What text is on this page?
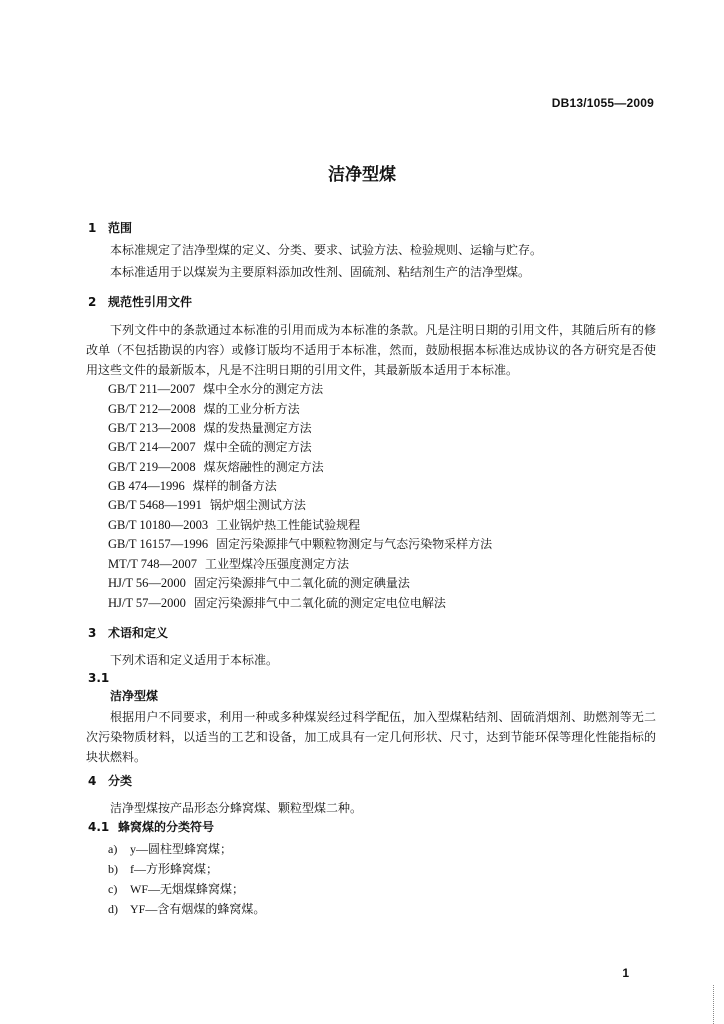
DB13/1055—2009
洁净型煤
1 范围
本标准规定了洁净型煤的定义、分类、要求、试验方法、检验规则、运输与贮存。
本标准适用于以煤炭为主要原料添加改性剂、固硫剂、粘结剂生产的洁净型煤。
2 规范性引用文件
下列文件中的条款通过本标准的引用而成为本标准的条款。凡是注明日期的引用文件，其随后所有的修改单（不包括勘误的内容）或修订版均不适用于本标准，然而，鼓励根据本标准达成协议的各方研究是否使用这些文件的最新版本，凡是不注明日期的引用文件，其最新版本适用于本标准。
GB/T 211—2007 煤中全水分的测定方法
GB/T 212—2008 煤的工业分析方法
GB/T 213—2008 煤的发热量测定方法
GB/T 214—2007 煤中全硫的测定方法
GB/T 219—2008 煤灰熔融性的测定方法
GB 474—1996 煤样的制备方法
GB/T 5468—1991 锅炉烟尘测试方法
GB/T 10180—2003 工业锅炉热工性能试验规程
GB/T 16157—1996 固定污染源排气中颗粒物测定与气态污染物采样方法
MT/T 748—2007 工业型煤冷压强度测定方法
HJ/T 56—2000 固定污染源排气中二氧化硫的测定碘量法
HJ/T 57—2000 固定污染源排气中二氧化硫的测定定电位电解法
3 术语和定义
下列术语和定义适用于本标准。
3.1
洁净型煤
根据用户不同要求，利用一种或多种煤炭经过科学配伍，加入型煤粘结剂、固硫消烟剂、助燃剂等无二次污染物质材料，以适当的工艺和设备，加工成具有一定几何形状、尺寸，达到节能环保等理化性能指标的块状燃料。
4 分类
洁净型煤按产品形态分蜂窝煤、颗粒型煤二种。
4.1 蜂窝煤的分类符号
a) y—圆柱型蜂窝煤；
b) f—方形蜂窝煤；
c) WF—无烟煤蜂窝煤；
d) YF—含有烟煤的蜂窝煤。
1
